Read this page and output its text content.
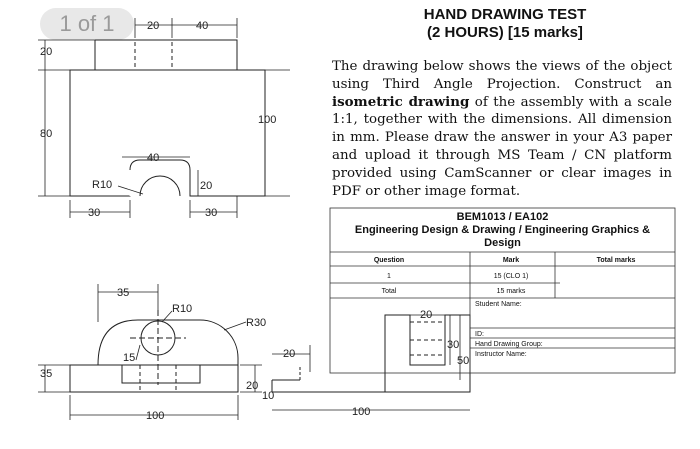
1 of 1	HAND DRAWING TEST
(2 HOURS) [15 marks]
The drawing below shows the views of the object using Third Angle Projection. Construct an isometric drawing of the assembly with a scale 1:1, together with the dimensions. All dimension in mm. Please draw the answer in your A3 paper and upload it through MS Team / CN platform provided using CamScanner or clear images in PDF or other image format.
BEM1013 / EA102
Engineering Design & Drawing / Engineering Graphics &
Design
Question	Mark	Total marks
1	15 (CLO 1)
Total	15 marks
Student Name:
ID:
Hand Drawing Group:
Instructor Name:
20	40
20
80
100
40
R10	20
30	30
35
R10
R30
15
35
100
20
10
20
100
20
30
50
